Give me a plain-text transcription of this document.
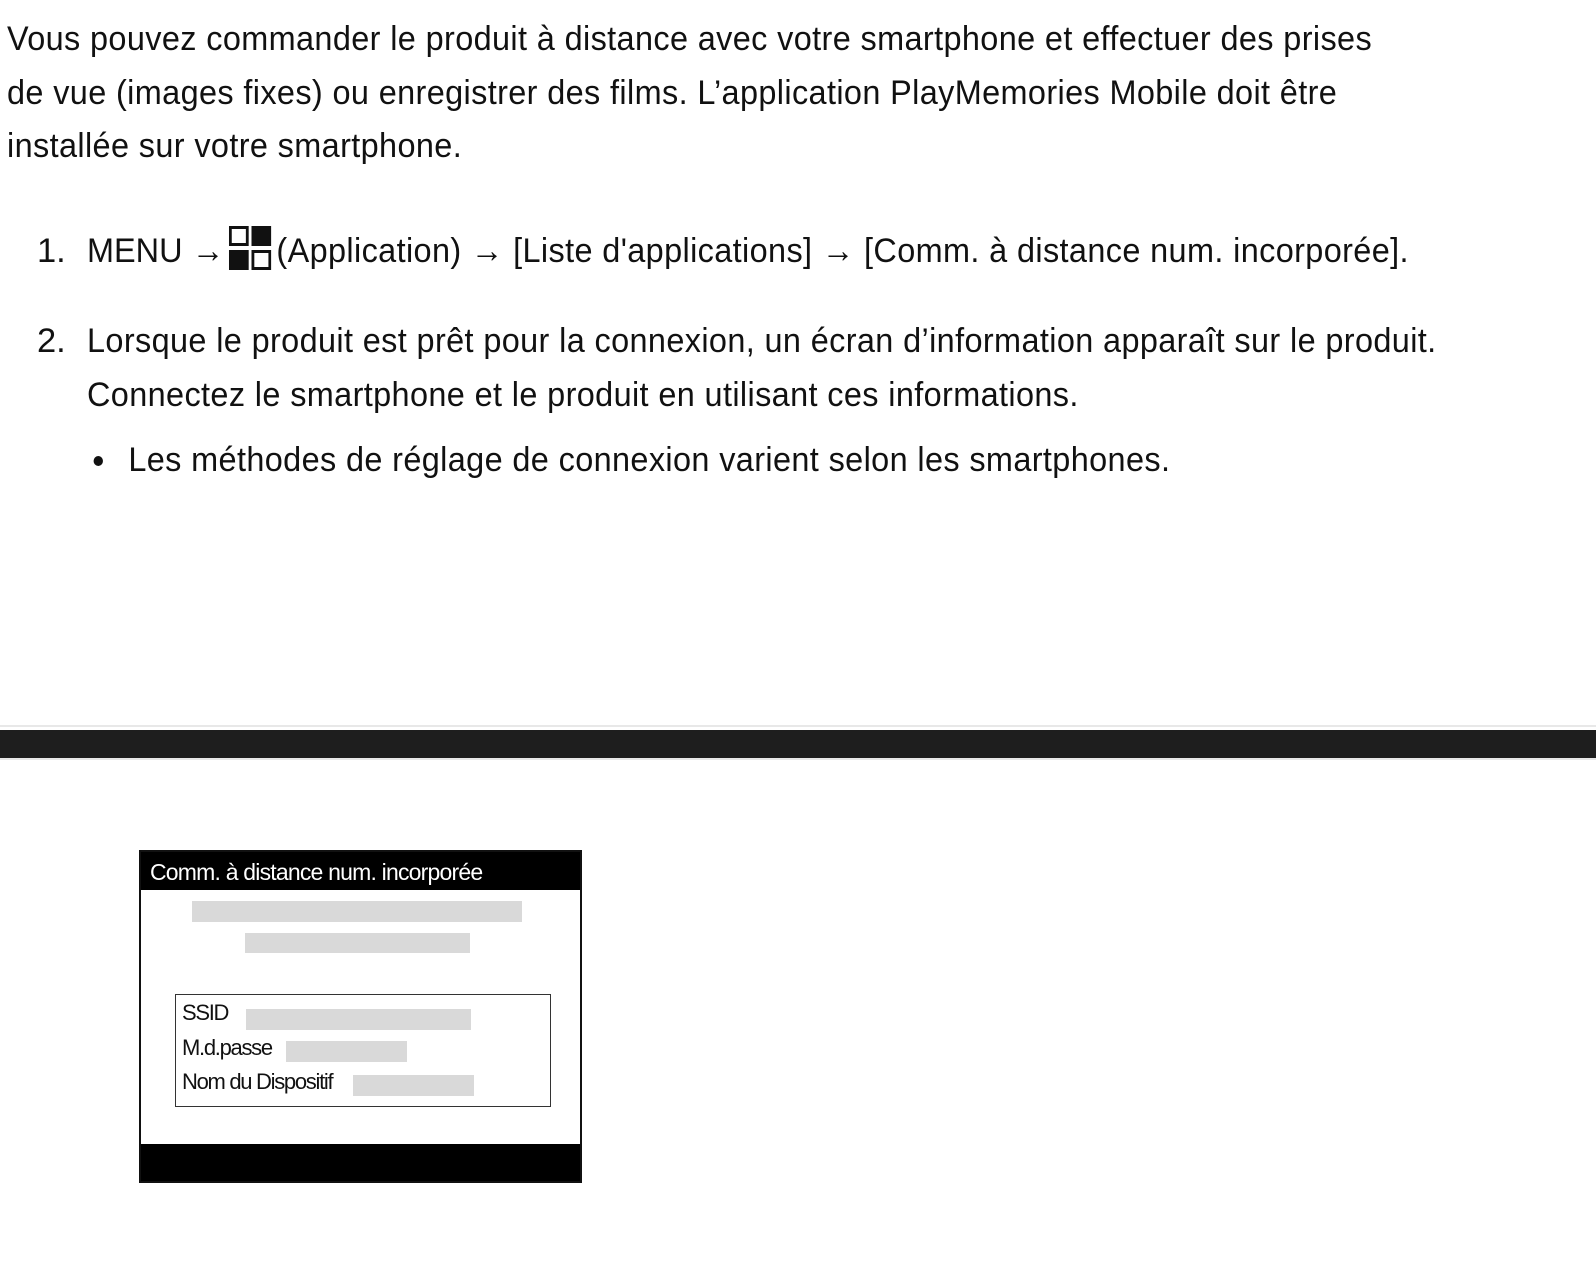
Vous pouvez commander le produit à distance avec votre smartphone et effectuer des prises de vue (images fixes) ou enregistrer des films. L’application PlayMemories Mobile doit être installée sur votre smartphone.

1. MENU → (Application) → [Liste d'applications] → [Comm. à distance num. incorporée].
2. Lorsque le produit est prêt pour la connexion, un écran d’information apparaît sur le produit. Connectez le smartphone et le produit en utilisant ces informations.
Les méthodes de réglage de connexion varient selon les smartphones.
Comm. à distance num. incorporée
SSID
M.d.passe
Nom du Dispositif
